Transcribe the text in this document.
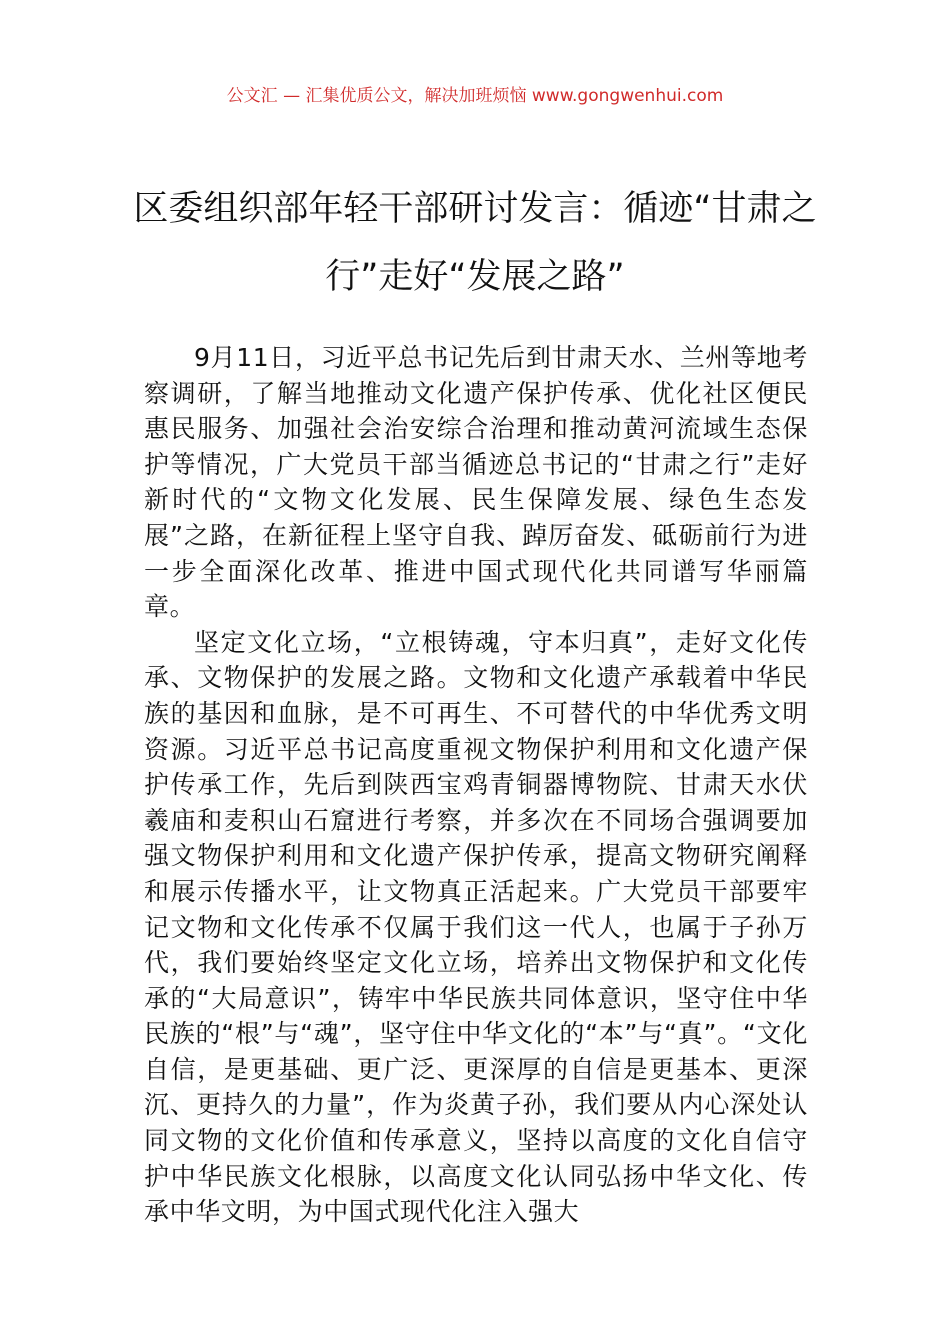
公文汇 — 汇集优质公文，解决加班烦恼 www.gongwenhui.com
区委组织部年轻干部研讨发言：循迹“甘肃之行”走好“发展之路”

9月11日，习近平总书记先后到甘肃天水、兰州等地考察调研，了解当地推动文化遗产保护传承、优化社区便民惠民服务、加强社会治安综合治理和推动黄河流域生态保护等情况，广大党员干部当循迹总书记的“甘肃之行”走好新时代的“文物文化发展、民生保障发展、绿色生态发展”之路，在新征程上坚守自我、踔厉奋发、砥砺前行为进一步全面深化改革、推进中国式现代化共同谱写华丽篇章。

坚定文化立场，“立根铸魂，守本归真”，走好文化传承、文物保护的发展之路。文物和文化遗产承载着中华民族的基因和血脉，是不可再生、不可替代的中华优秀文明资源。习近平总书记高度重视文物保护利用和文化遗产保护传承工作，先后到陕西宝鸡青铜器博物院、甘肃天水伏羲庙和麦积山石窟进行考察，并多次在不同场合强调要加强文物保护利用和文化遗产保护传承，提高文物研究阐释和展示传播水平，让文物真正活起来。广大党员干部要牢记文物和文化传承不仅属于我们这一代人，也属于子孙万代，我们要始终坚定文化立场，培养出文物保护和文化传承的“大局意识”，铸牢中华民族共同体意识，坚守住中华民族的“根”与“魂”，坚守住中华文化的“本”与“真”。“文化自信，是更基础、更广泛、更深厚的自信是更基本、更深沉、更持久的力量”，作为炎黄子孙，我们要从内心深处认同文物的文化价值和传承意义，坚持以高度的文化自信守护中华民族文化根脉，以高度文化认同弘扬中华文化、传承中华文明，为中国式现代化注入强大
